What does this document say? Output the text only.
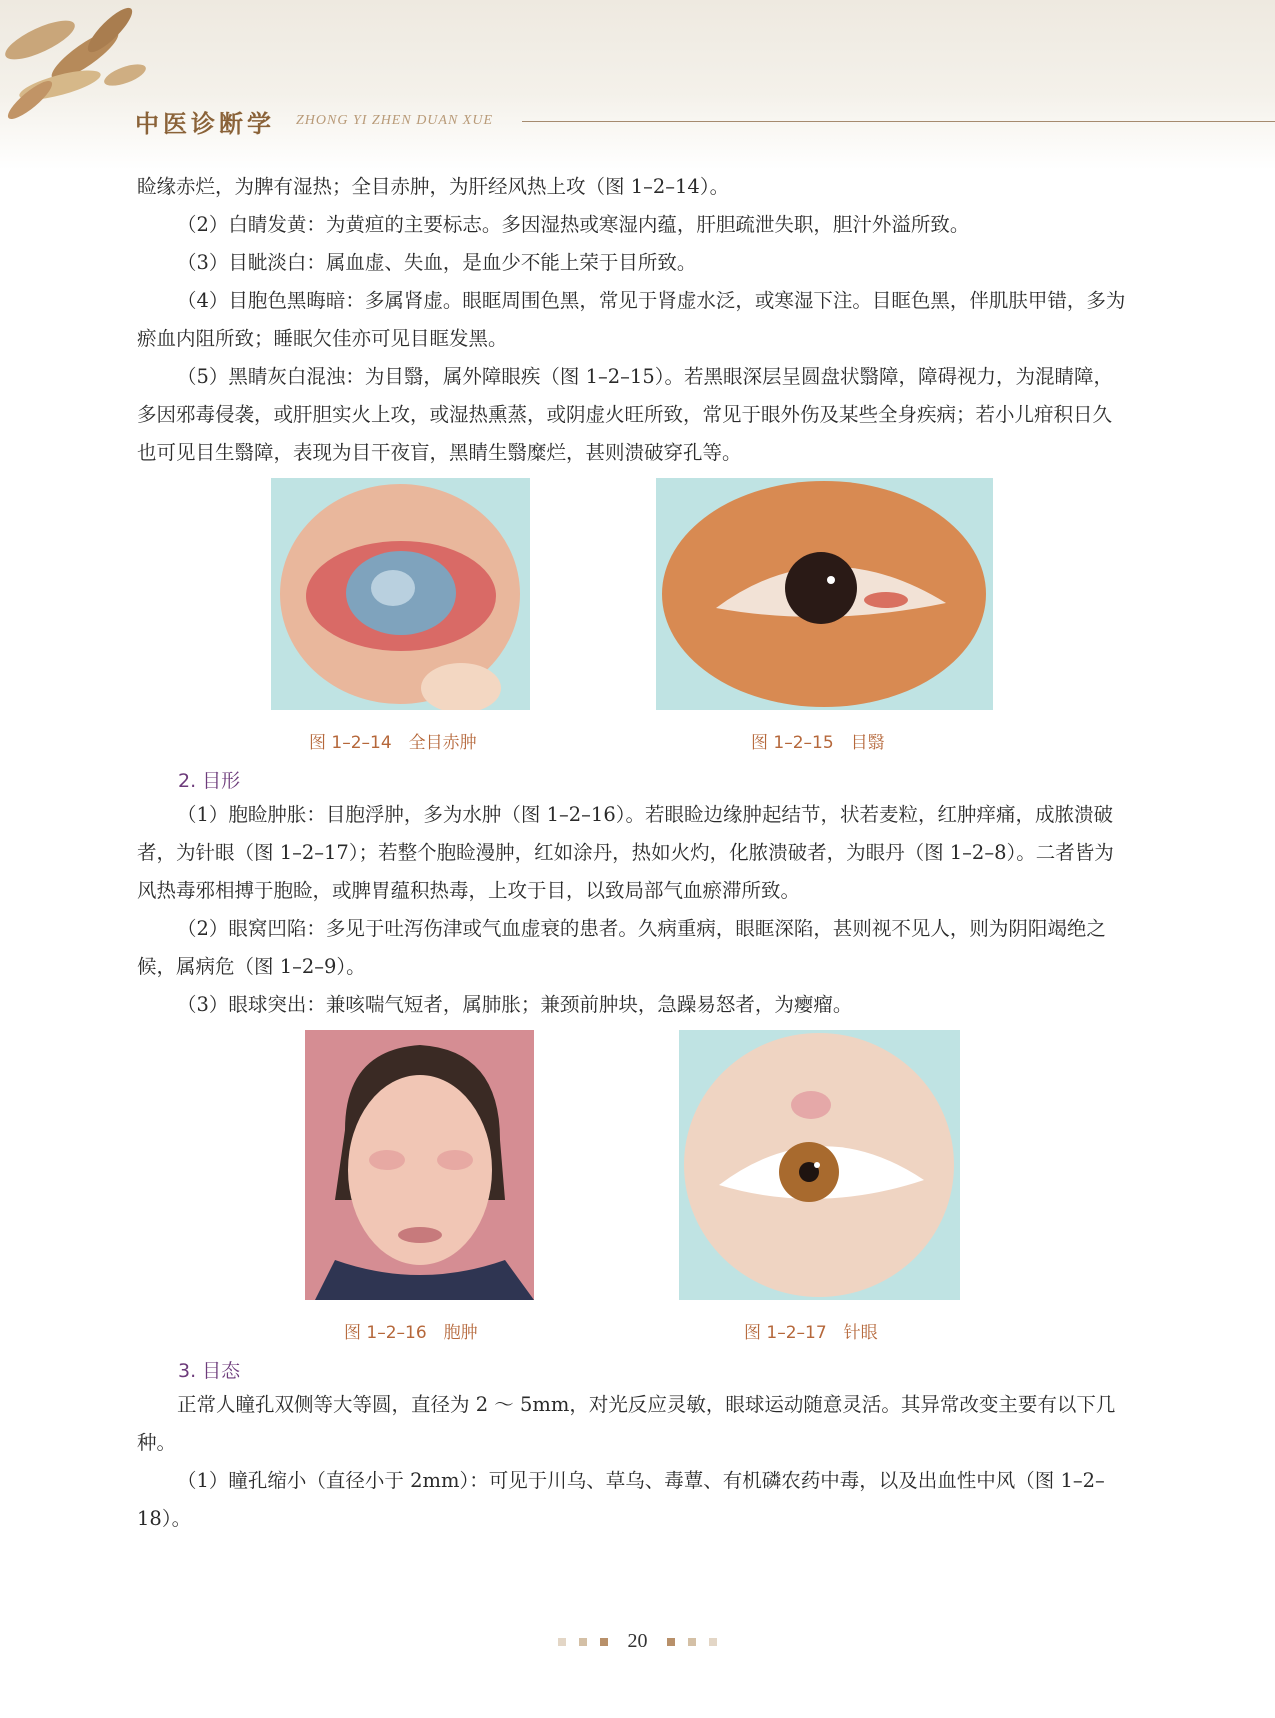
中医诊断学 ZHONG YI ZHEN DUAN XUE

睑缘赤烂，为脾有湿热；全目赤肿，为肝经风热上攻（图 1–2–14）。

（2）白睛发黄：为黄疸的主要标志。多因湿热或寒湿内蕴，肝胆疏泄失职，胆汁外溢所致。

（3）目眦淡白：属血虚、失血，是血少不能上荣于目所致。

（4）目胞色黑晦暗：多属肾虚。眼眶周围色黑，常见于肾虚水泛，或寒湿下注。目眶色黑，伴肌肤甲错，多为瘀血内阻所致；睡眠欠佳亦可见目眶发黑。

（5）黑睛灰白混浊：为目翳，属外障眼疾（图 1–2–15）。若黑眼深层呈圆盘状翳障，障碍视力，为混睛障，多因邪毒侵袭，或肝胆实火上攻，或湿热熏蒸，或阴虚火旺所致，常见于眼外伤及某些全身疾病；若小儿疳积日久也可见目生翳障，表现为目干夜盲，黑睛生翳糜烂，甚则溃破穿孔等。

图 1–2–14　全目赤肿	图 1–2–15　目翳
2. 目形

（1）胞睑肿胀：目胞浮肿，多为水肿（图 1–2–16）。若眼睑边缘肿起结节，状若麦粒，红肿痒痛，成脓溃破者，为针眼（图 1–2–17）；若整个胞睑漫肿，红如涂丹，热如火灼，化脓溃破者，为眼丹（图 1–2–8）。二者皆为风热毒邪相搏于胞睑，或脾胃蕴积热毒，上攻于目，以致局部气血瘀滞所致。

（2）眼窝凹陷：多见于吐泻伤津或气血虚衰的患者。久病重病，眼眶深陷，甚则视不见人，则为阴阳竭绝之候，属病危（图 1–2–9）。

（3）眼球突出：兼咳喘气短者，属肺胀；兼颈前肿块，急躁易怒者，为瘿瘤。

图 1–2–16　胞肿	图 1–2–17　针眼
3. 目态

正常人瞳孔双侧等大等圆，直径为 2 ～ 5mm，对光反应灵敏，眼球运动随意灵活。其异常改变主要有以下几种。

（1）瞳孔缩小（直径小于 2mm）：可见于川乌、草乌、毒蕈、有机磷农药中毒，以及出血性中风（图 1–2–18）。

20
